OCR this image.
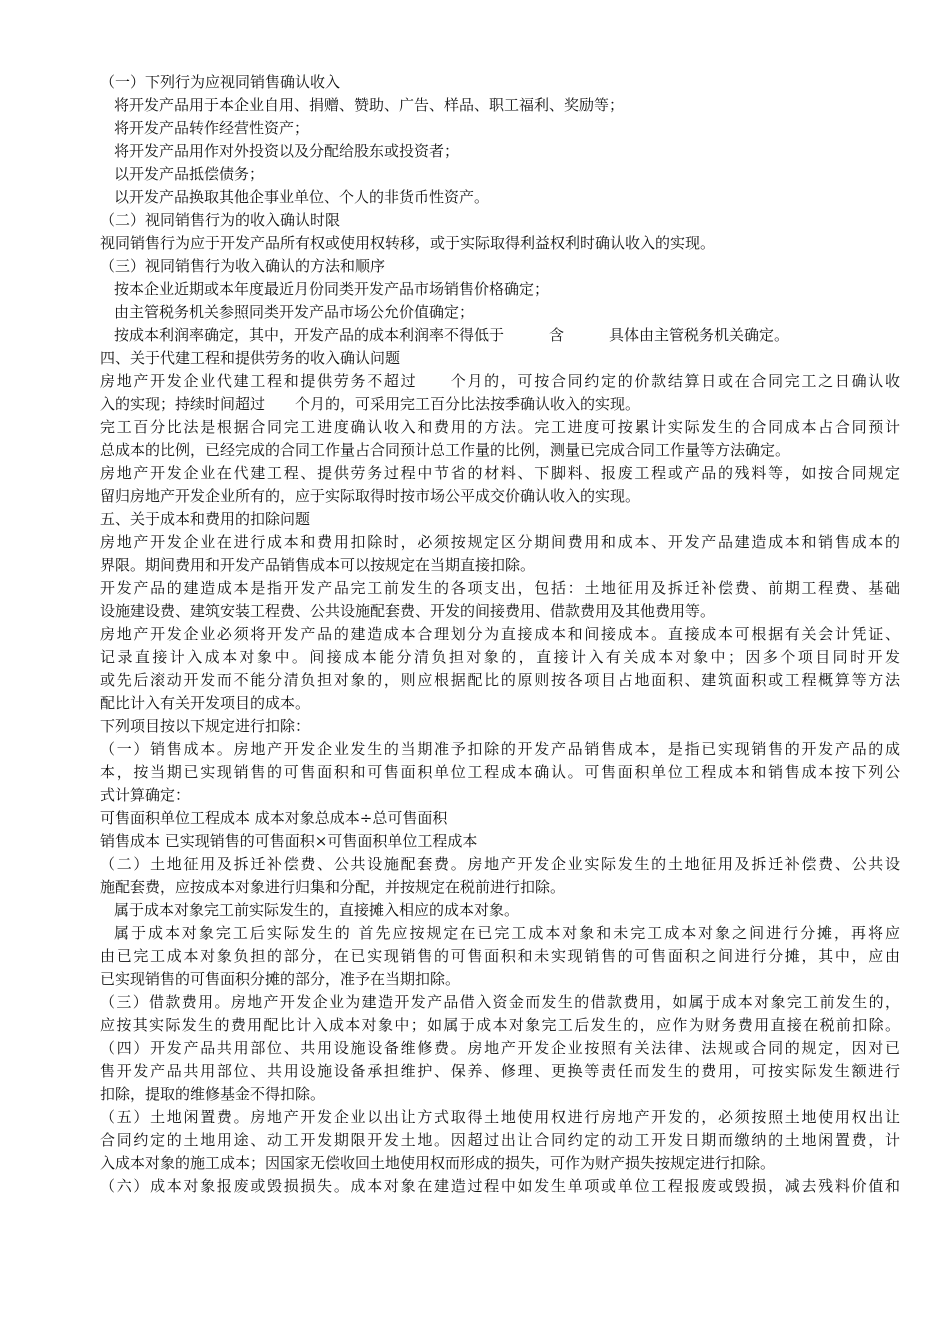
（一）下列行为应视同销售确认收入
将开发产品用于本企业自用、捐赠、赞助、广告、样品、职工福利、奖励等；
将开发产品转作经营性资产；
将开发产品用作对外投资以及分配给股东或投资者；
以开发产品抵偿债务；
以开发产品换取其他企事业单位、个人的非货币性资产。
（二）视同销售行为的收入确认时限
视同销售行为应于开发产品所有权或使用权转移，或于实际取得利益权利时确认收入的实现。
（三）视同销售行为收入确认的方法和顺序
按本企业近期或本年度最近月份同类开发产品市场销售价格确定；
由主管税务机关参照同类开发产品市场公允价值确定；
按成本利润率确定，其中，开发产品的成本利润率不得低于　　　含　　　具体由主管税务机关确定。
四、关于代建工程和提供劳务的收入确认问题
房地产开发企业代建工程和提供劳务不超过　　个月的，可按合同约定的价款结算日或在合同完工之日确认收
入的实现；持续时间超过　　个月的，可采用完工百分比法按季确认收入的实现。
完工百分比法是根据合同完工进度确认收入和费用的方法。完工进度可按累计实际发生的合同成本占合同预计
总成本的比例，已经完成的合同工作量占合同预计总工作量的比例，测量已完成合同工作量等方法确定。
房地产开发企业在代建工程、提供劳务过程中节省的材料、下脚料、报废工程或产品的残料等，如按合同规定
留归房地产开发企业所有的，应于实际取得时按市场公平成交价确认收入的实现。
五、关于成本和费用的扣除问题
房地产开发企业在进行成本和费用扣除时，必须按规定区分期间费用和成本、开发产品建造成本和销售成本的
界限。期间费用和开发产品销售成本可以按规定在当期直接扣除。
开发产品的建造成本是指开发产品完工前发生的各项支出，包括：土地征用及拆迁补偿费、前期工程费、基础
设施建设费、建筑安装工程费、公共设施配套费、开发的间接费用、借款费用及其他费用等。
房地产开发企业必须将开发产品的建造成本合理划分为直接成本和间接成本。直接成本可根据有关会计凭证、
记录直接计入成本对象中。间接成本能分清负担对象的，直接计入有关成本对象中；因多个项目同时开发
或先后滚动开发而不能分清负担对象的，则应根据配比的原则按各项目占地面积、建筑面积或工程概算等方法
配比计入有关开发项目的成本。
下列项目按以下规定进行扣除：
（一）销售成本。房地产开发企业发生的当期准予扣除的开发产品销售成本，是指已实现销售的开发产品的成
本，按当期已实现销售的可售面积和可售面积单位工程成本确认。可售面积单位工程成本和销售成本按下列公
式计算确定：
可售面积单位工程成本 成本对象总成本÷总可售面积
销售成本 已实现销售的可售面积×可售面积单位工程成本
（二）土地征用及拆迁补偿费、公共设施配套费。房地产开发企业实际发生的土地征用及拆迁补偿费、公共设
施配套费，应按成本对象进行归集和分配，并按规定在税前进行扣除。
属于成本对象完工前实际发生的，直接摊入相应的成本对象。
属于成本对象完工后实际发生的 首先应按规定在已完工成本对象和未完工成本对象之间进行分摊，再将应
由已完工成本对象负担的部分，在已实现销售的可售面积和未实现销售的可售面积之间进行分摊，其中，应由
已实现销售的可售面积分摊的部分，准予在当期扣除。
（三）借款费用。房地产开发企业为建造开发产品借入资金而发生的借款费用，如属于成本对象完工前发生的，
应按其实际发生的费用配比计入成本对象中；如属于成本对象完工后发生的，应作为财务费用直接在税前扣除。
（四）开发产品共用部位、共用设施设备维修费。房地产开发企业按照有关法律、法规或合同的规定，因对已
售开发产品共用部位、共用设施设备承担维护、保养、修理、更换等责任而发生的费用，可按实际发生额进行
扣除，提取的维修基金不得扣除。
（五）土地闲置费。房地产开发企业以出让方式取得土地使用权进行房地产开发的，必须按照土地使用权出让
合同约定的土地用途、动工开发期限开发土地。因超过出让合同约定的动工开发日期而缴纳的土地闲置费，计
入成本对象的施工成本；因国家无偿收回土地使用权而形成的损失，可作为财产损失按规定进行扣除。
（六）成本对象报废或毁损损失。成本对象在建造过程中如发生单项或单位工程报废或毁损，减去残料价值和
